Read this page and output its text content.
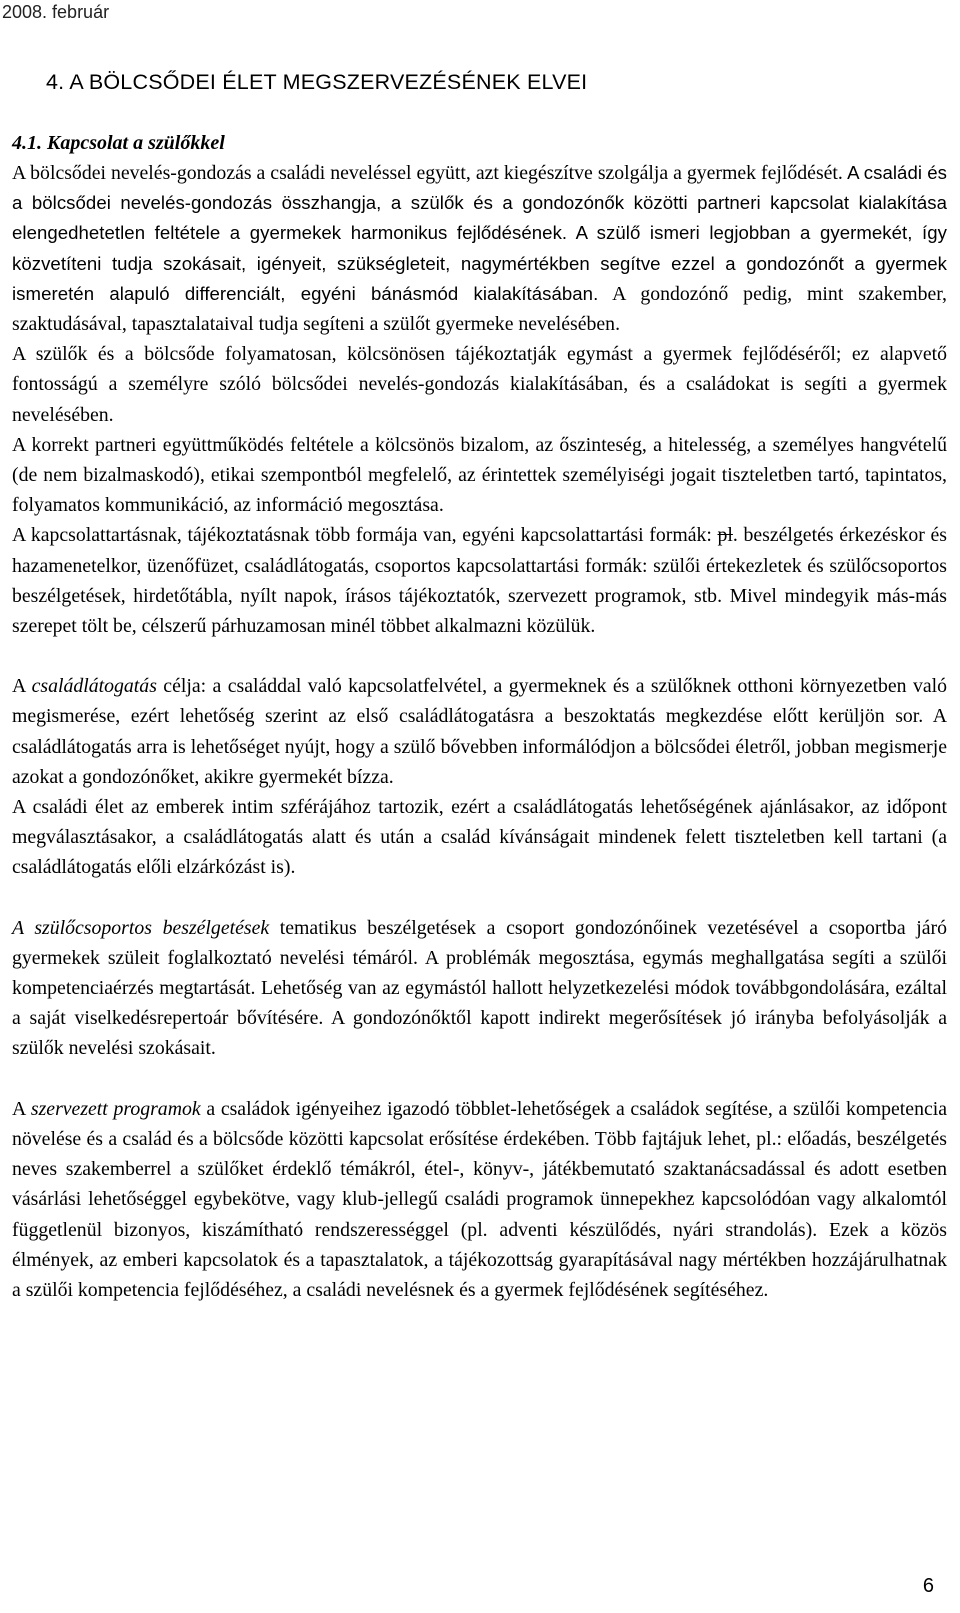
2008. február
4. A BÖLCSŐDEI ÉLET MEGSZERVEZÉSÉNEK ELVEI
4.1. Kapcsolat a szülőkkel

A bölcsődei nevelés-gondozás a családi neveléssel együtt, azt kiegészítve szolgálja a gyermek fejlődését. A családi és a bölcsődei nevelés-gondozás összhangja, a szülők és a gondozónők közötti partneri kapcsolat kialakítása elengedhetetlen feltétele a gyermekek harmonikus fejlődésének. A szülő ismeri legjobban a gyermekét, így közvetíteni tudja szokásait, igényeit, szükségleteit, nagymértékben segítve ezzel a gondozónőt a gyermek ismeretén alapuló differenciált, egyéni bánásmód kialakításában. A gondozónő pedig, mint szakember, szaktudásával, tapasztalataival tudja segíteni a szülőt gyermeke nevelésében.

A szülők és a bölcsőde folyamatosan, kölcsönösen tájékoztatják egymást a gyermek fejlődéséről; ez alapvető fontosságú a személyre szóló bölcsődei nevelés-gondozás kialakításában, és a családokat is segíti a gyermek nevelésében.

A korrekt partneri együttműködés feltétele a kölcsönös bizalom, az őszinteség, a hitelesség, a személyes hangvételű (de nem bizalmaskodó), etikai szempontból megfelelő, az érintettek személyiségi jogait tiszteletben tartó, tapintatos, folyamatos kommunikáció, az információ megosztása.

A kapcsolattartásnak, tájékoztatásnak több formája van, egyéni kapcsolattartási formák: pl. beszélgetés érkezéskor és hazamenetelkor, üzenőfüzet, családlátogatás, csoportos kapcsolattartási formák: szülői értekezletek és szülőcsoportos beszélgetések, hirdetőtábla, nyílt napok, írásos tájékoztatók, szervezett programok, stb. Mivel mindegyik más-más szerepet tölt be, célszerű párhuzamosan minél többet alkalmazni közülük.

A családlátogatás célja: a családdal való kapcsolatfelvétel, a gyermeknek és a szülőknek otthoni környezetben való megismerése, ezért lehetőség szerint az első családlátogatásra a beszoktatás megkezdése előtt kerüljön sor. A családlátogatás arra is lehetőséget nyújt, hogy a szülő bővebben informálódjon a bölcsődei életről, jobban megismerje azokat a gondozónőket, akikre gyermekét bízza.

A családi élet az emberek intim szférájához tartozik, ezért a családlátogatás lehetőségének ajánlásakor, az időpont megválasztásakor, a családlátogatás alatt és után a család kívánságait mindenek felett tiszteletben kell tartani (a családlátogatás előli elzárkózást is).

A szülőcsoportos beszélgetések tematikus beszélgetések a csoport gondozónőinek vezetésével a csoportba járó gyermekek szüleit foglalkoztató nevelési témáról. A problémák megosztása, egymás meghallgatása segíti a szülői kompetenciaérzés megtartását. Lehetőség van az egymástól hallott helyzetkezelési módok továbbgondolására, ezáltal a saját viselkedésrepertoár bővítésére. A gondozónőktől kapott indirekt megerősítések jó irányba befolyásolják a szülők nevelési szokásait.

A szervezett programok a családok igényeihez igazodó többlet-lehetőségek a családok segítése, a szülői kompetencia növelése és a család és a bölcsőde közötti kapcsolat erősítése érdekében. Több fajtájuk lehet, pl.: előadás, beszélgetés neves szakemberrel a szülőket érdeklő témákról, étel-, könyv-, játékbemutató szaktanácsadással és adott esetben vásárlási lehetőséggel egybekötve, vagy klub-jellegű családi programok ünnepekhez kapcsolódóan vagy alkalomtól függetlenül bizonyos, kiszámítható rendszerességgel (pl. adventi készülődés, nyári strandolás). Ezek a közös élmények, az emberi kapcsolatok és a tapasztalatok, a tájékozottság gyarapításával nagy mértékben hozzájárulhatnak a szülői kompetencia fejlődéséhez, a családi nevelésnek és a gyermek fejlődésének segítéséhez.

6
